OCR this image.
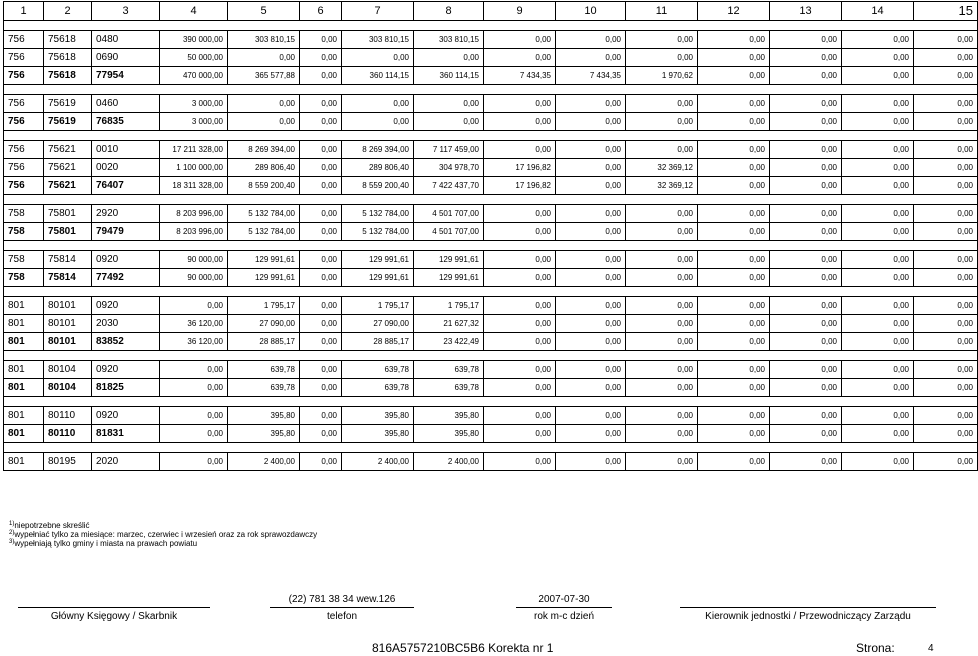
1	2	3	4	5	6	7	8	9	10	11	12	13	14	15

756	75618	0480	390 000,00	303 810,15	0,00	303 810,15	303 810,15	0,00	0,00	0,00	0,00	0,00	0,00	0,00
756	75618	0690	50 000,00	0,00	0,00	0,00	0,00	0,00	0,00	0,00	0,00	0,00	0,00	0,00
756	75618	77954	470 000,00	365 577,88	0,00	360 114,15	360 114,15	7 434,35	7 434,35	1 970,62	0,00	0,00	0,00	0,00

756	75619	0460	3 000,00	0,00	0,00	0,00	0,00	0,00	0,00	0,00	0,00	0,00	0,00	0,00
756	75619	76835	3 000,00	0,00	0,00	0,00	0,00	0,00	0,00	0,00	0,00	0,00	0,00	0,00

756	75621	0010	17 211 328,00	8 269 394,00	0,00	8 269 394,00	7 117 459,00	0,00	0,00	0,00	0,00	0,00	0,00	0,00
756	75621	0020	1 100 000,00	289 806,40	0,00	289 806,40	304 978,70	17 196,82	0,00	32 369,12	0,00	0,00	0,00	0,00
756	75621	76407	18 311 328,00	8 559 200,40	0,00	8 559 200,40	7 422 437,70	17 196,82	0,00	32 369,12	0,00	0,00	0,00	0,00

758	75801	2920	8 203 996,00	5 132 784,00	0,00	5 132 784,00	4 501 707,00	0,00	0,00	0,00	0,00	0,00	0,00	0,00
758	75801	79479	8 203 996,00	5 132 784,00	0,00	5 132 784,00	4 501 707,00	0,00	0,00	0,00	0,00	0,00	0,00	0,00

758	75814	0920	90 000,00	129 991,61	0,00	129 991,61	129 991,61	0,00	0,00	0,00	0,00	0,00	0,00	0,00
758	75814	77492	90 000,00	129 991,61	0,00	129 991,61	129 991,61	0,00	0,00	0,00	0,00	0,00	0,00	0,00

801	80101	0920	0,00	1 795,17	0,00	1 795,17	1 795,17	0,00	0,00	0,00	0,00	0,00	0,00	0,00
801	80101	2030	36 120,00	27 090,00	0,00	27 090,00	21 627,32	0,00	0,00	0,00	0,00	0,00	0,00	0,00
801	80101	83852	36 120,00	28 885,17	0,00	28 885,17	23 422,49	0,00	0,00	0,00	0,00	0,00	0,00	0,00

801	80104	0920	0,00	639,78	0,00	639,78	639,78	0,00	0,00	0,00	0,00	0,00	0,00	0,00
801	80104	81825	0,00	639,78	0,00	639,78	639,78	0,00	0,00	0,00	0,00	0,00	0,00	0,00

801	80110	0920	0,00	395,80	0,00	395,80	395,80	0,00	0,00	0,00	0,00	0,00	0,00	0,00
801	80110	81831	0,00	395,80	0,00	395,80	395,80	0,00	0,00	0,00	0,00	0,00	0,00	0,00

801	80195	2020	0,00	2 400,00	0,00	2 400,00	2 400,00	0,00	0,00	0,00	0,00	0,00	0,00	0,00
$^{1)}$niepotrzebne skreślić
$^{2)}$wypełniać tylko za miesiące: marzec, czerwiec i wrzesień oraz za rok sprawozdawczy
$^{3)}$wypełniają tylko gminy i miasta na prawach powiatu
Główny Księgowy / Skarbnik
(22) 781 38 34 wew.126
telefon
2007-07-30
rok m-c dzień	Kierownik jednostki / Przewodniczący Zarządu
816A5757210BC5B6 Korekta nr 1	Strona:	4
